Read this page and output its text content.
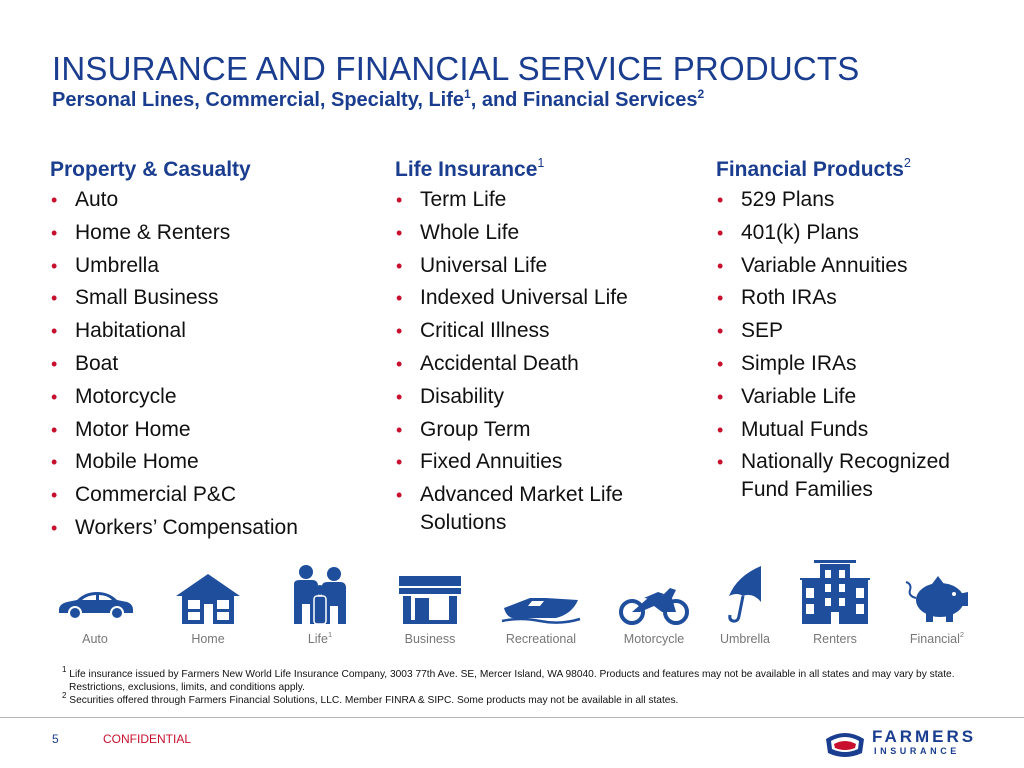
INSURANCE AND FINANCIAL SERVICE PRODUCTS
Personal Lines, Commercial, Specialty, Life$^1$, and Financial Services$^2$
Property & Casualty
• Auto
• Home & Renters
• Umbrella
• Small Business
• Habitational
• Boat
• Motorcycle
• Motor Home
• Mobile Home
• Commercial P&C
• Workers’ Compensation
Life Insurance$^1$
• Term Life
• Whole Life
• Universal Life
• Indexed Universal Life
• Critical Illness
• Accidental Death
• Disability
• Group Term
• Fixed Annuities
• Advanced Market Life Solutions
Financial Products$^2$
• 529 Plans
• 401(k) Plans
• Variable Annuities
• Roth IRAs
• SEP
• Simple IRAs
• Variable Life
• Mutual Funds
• Nationally Recognized Fund Families
Auto	Home	Life$^1$	Business	Recreational	Motorcycle	Umbrella	Renters	Financial$^2$

$^1$ Life insurance issued by Farmers New World Life Insurance Company, 3003 77th Ave. SE, Mercer Island, WA 98040. Products and features may not be available in all states and may vary by state. Restrictions, exclusions, limits, and conditions apply.

$^2$ Securities offered through Farmers Financial Solutions, LLC. Member FINRA & SIPC. Some products may not be available in all states.

5	CONFIDENTIAL	FARMERS
INSURANCE
